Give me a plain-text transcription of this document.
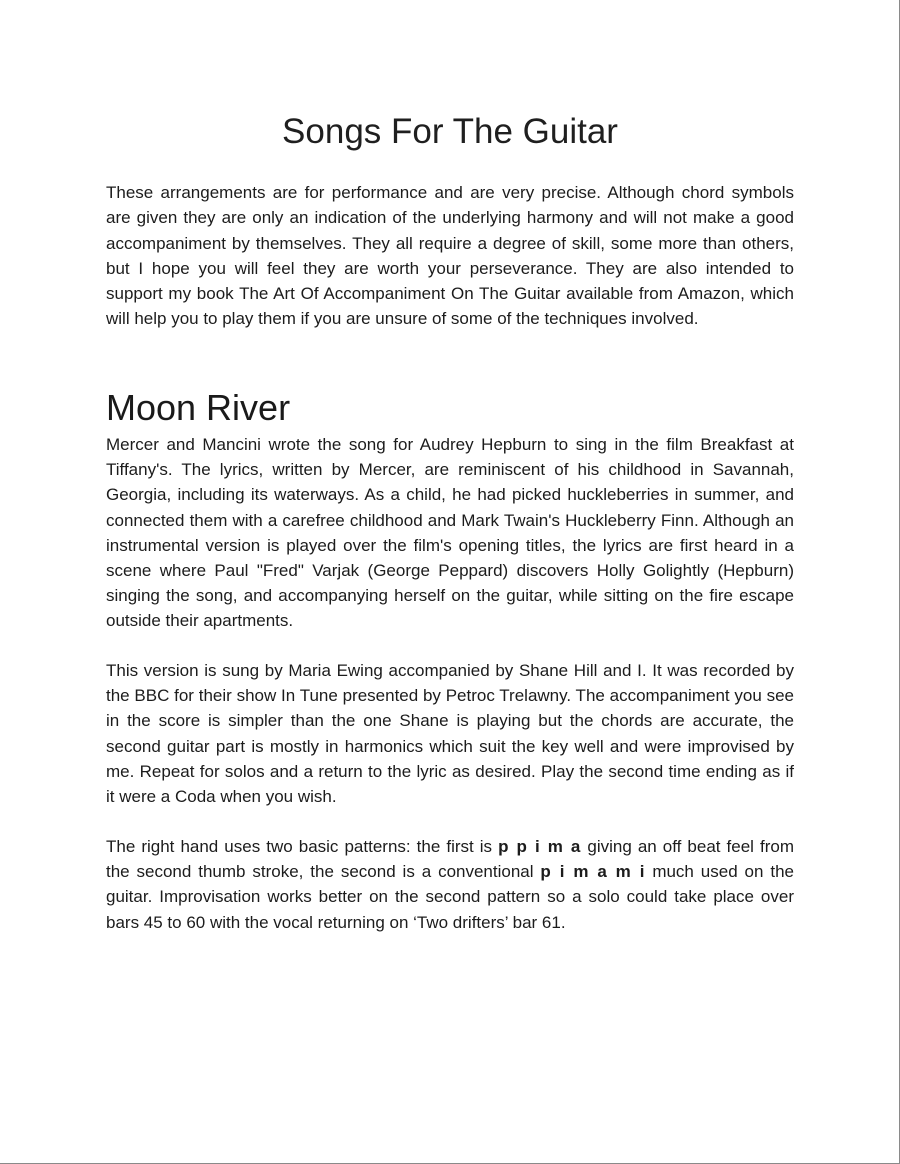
Songs For The Guitar

These arrangements are for performance and are very precise. Although chord symbols are given they are only an indication of the underlying harmony and will not make a good accompaniment by themselves. They all require a degree of skill, some more than others, but I hope you will feel they are worth your perseverance. They are also intended to support my book The Art Of Accompaniment On The Guitar available from Amazon, which will help you to play them if you are unsure of some of the techniques involved.

Moon River

Mercer and Mancini wrote the song for Audrey Hepburn to sing in the film Breakfast at Tiffany's. The lyrics, written by Mercer, are reminiscent of his childhood in Savannah, Georgia, including its waterways. As a child, he had picked huckleberries in summer, and connected them with a carefree childhood and Mark Twain's Huckleberry Finn. Although an instrumental version is played over the film's opening titles, the lyrics are first heard in a scene where Paul "Fred" Varjak (George Peppard) discovers Holly Golightly (Hepburn) singing the song, and accompanying herself on the guitar, while sitting on the fire escape outside their apartments.

This version is sung by Maria Ewing accompanied by Shane Hill and I. It was recorded by the BBC for their show In Tune presented by Petroc Trelawny. The accompaniment you see in the score is simpler than the one Shane is playing but the chords are accurate, the second guitar part is mostly in harmonics which suit the key well and were improvised by me. Repeat for solos and a return to the lyric as desired. Play the second time ending as if it were a Coda when you wish.

The right hand uses two basic patterns: the first is p p i m a giving an off beat feel from the second thumb stroke, the second is a conventional p i m a m i much used on the guitar. Improvisation works better on the second pattern so a solo could take place over bars 45 to 60 with the vocal returning on ‘Two drifters’ bar 61.
